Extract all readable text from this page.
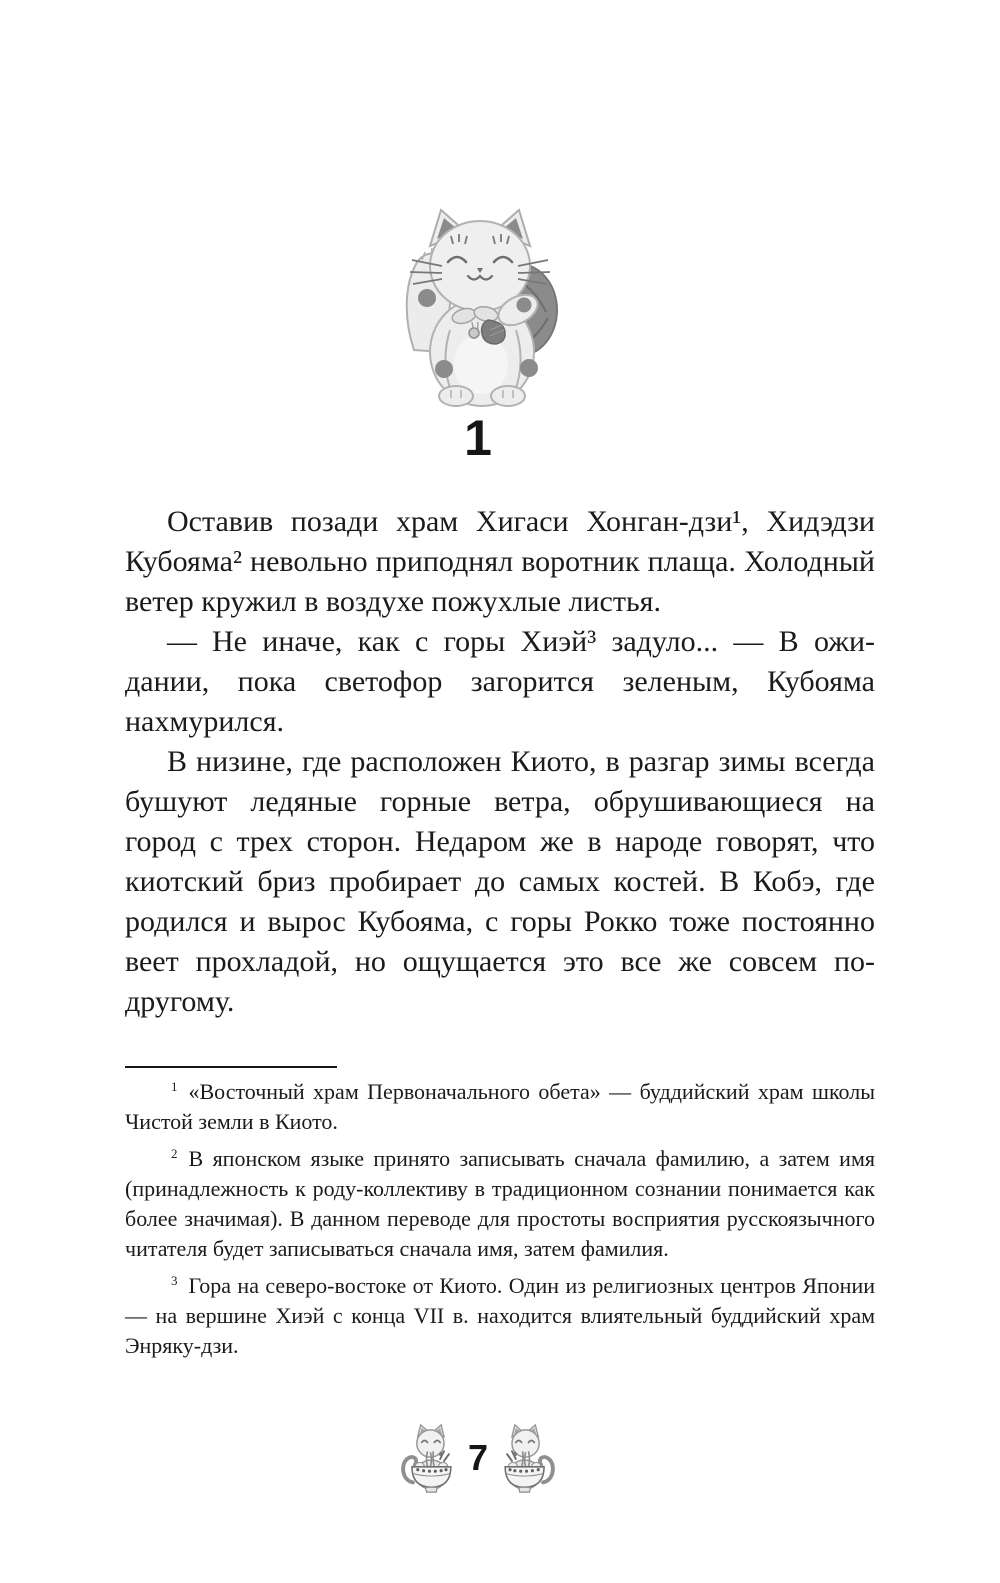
1

Оставив позади храм Хигаси Хонган-дзи¹, Хидэдзи Кубояма² невольно приподнял воротник плаща. Холодный ветер кружил в воздухе пожухлые листья.

— Не иначе, как с горы Хиэй³ задуло... — В ожидании, пока светофор загорится зеленым, Кубояма нахмурился.

В низине, где расположен Киото, в разгар зимы всегда бушуют ледяные горные ветра, обрушивающиеся на город с трех сторон. Недаром же в народе говорят, что киотский бриз пробирает до самых костей. В Кобэ, где родился и вырос Кубояма, с горы Рокко тоже постоянно веет прохладой, но ощущается это все же совсем по-другому.

$^1$ «Восточный храм Первоначального обета» — буддийский храм школы Чистой земли в Киото.

$^2$ В японском языке принято записывать сначала фамилию, а затем имя (принадлежность к роду-коллективу в традиционном сознании понимается как более значимая). В данном переводе для простоты восприятия русскоязычного читателя будет записываться сначала имя, затем фамилия.

$^3$ Гора на северо-востоке от Киото. Один из религиозных центров Японии — на вершине Хиэй с конца VII в. находится влиятельный буддийский храм Энряку-дзи.

7
